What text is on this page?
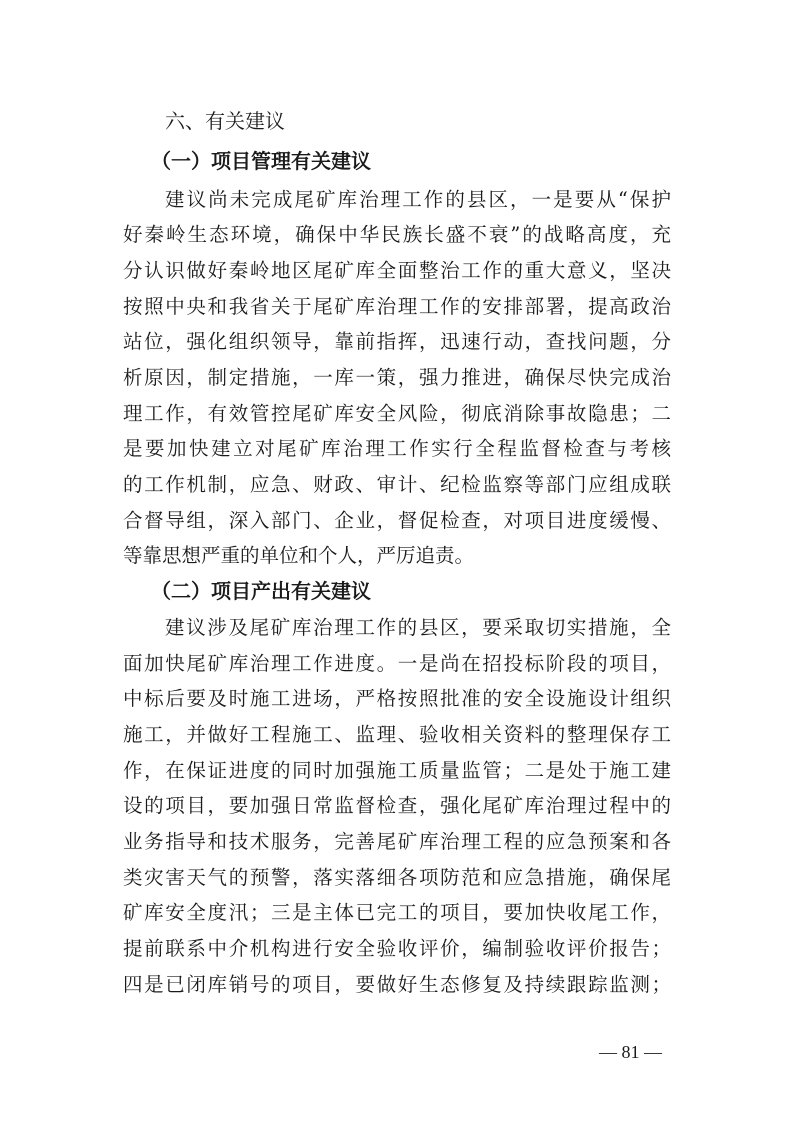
六、有关建议
（一）项目管理有关建议
建议尚未完成尾矿库治理工作的县区，一是要从“保护
好秦岭生态环境，确保中华民族长盛不衰”的战略高度，充
分认识做好秦岭地区尾矿库全面整治工作的重大意义，坚决
按照中央和我省关于尾矿库治理工作的安排部署，提高政治
站位，强化组织领导，靠前指挥，迅速行动，查找问题，分
析原因，制定措施，一库一策，强力推进，确保尽快完成治
理工作，有效管控尾矿库安全风险，彻底消除事故隐患；二
是要加快建立对尾矿库治理工作实行全程监督检查与考核
的工作机制，应急、财政、审计、纪检监察等部门应组成联
合督导组，深入部门、企业，督促检查，对项目进度缓慢、
等靠思想严重的单位和个人，严厉追责。
（二）项目产出有关建议
建议涉及尾矿库治理工作的县区，要采取切实措施，全
面加快尾矿库治理工作进度。一是尚在招投标阶段的项目，
中标后要及时施工进场，严格按照批准的安全设施设计组织
施工，并做好工程施工、监理、验收相关资料的整理保存工
作，在保证进度的同时加强施工质量监管；二是处于施工建
设的项目，要加强日常监督检查，强化尾矿库治理过程中的
业务指导和技术服务，完善尾矿库治理工程的应急预案和各
类灾害天气的预警，落实落细各项防范和应急措施，确保尾
矿库安全度汛；三是主体已完工的项目，要加快收尾工作，
提前联系中介机构进行安全验收评价，编制验收评价报告；
四是已闭库销号的项目，要做好生态修复及持续跟踪监测；
— 81 —
